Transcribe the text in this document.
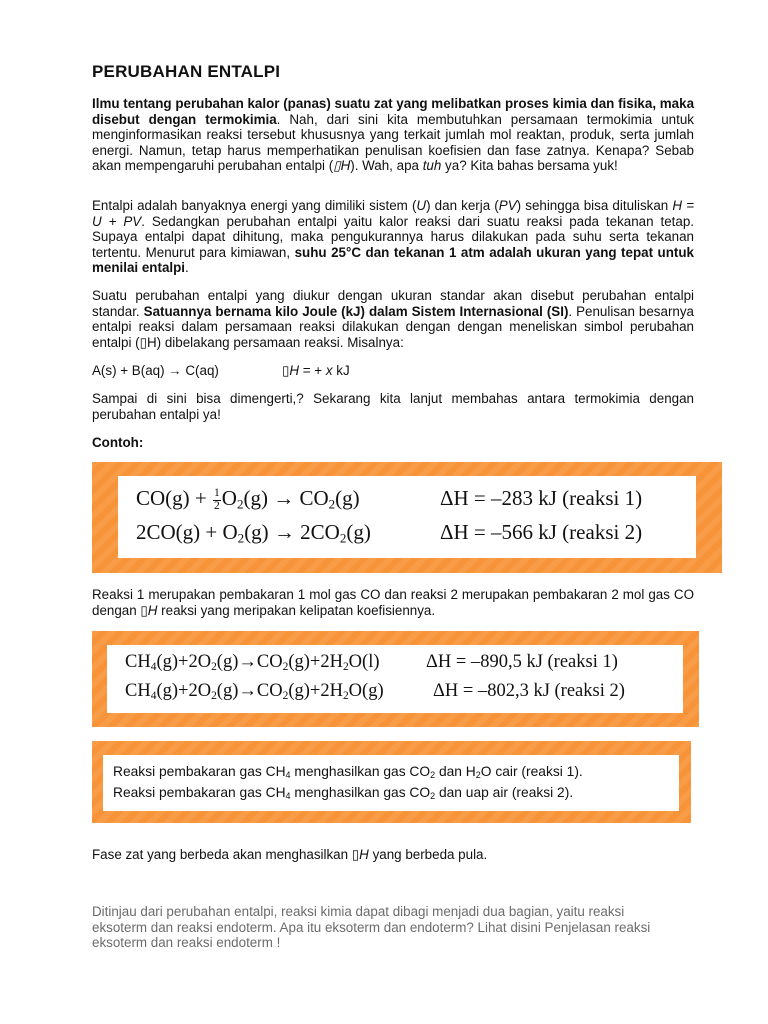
PERUBAHAN ENTALPI

Ilmu tentang perubahan kalor (panas) suatu zat yang melibatkan proses kimia dan fisika, maka disebut dengan termokimia. Nah, dari sini kita membutuhkan persamaan termokimia untuk menginformasikan reaksi tersebut khususnya yang terkait jumlah mol reaktan, produk, serta jumlah energi. Namun, tetap harus memperhatikan penulisan koefisien dan fase zatnya. Kenapa? Sebab akan mempengaruhi perubahan entalpi (▯H). Wah, apa tuh ya? Kita bahas bersama yuk!

Entalpi adalah banyaknya energi yang dimiliki sistem (U) dan kerja (PV) sehingga bisa dituliskan H = U + PV. Sedangkan perubahan entalpi yaitu kalor reaksi dari suatu reaksi pada tekanan tetap. Supaya entalpi dapat dihitung, maka pengukurannya harus dilakukan pada suhu serta tekanan tertentu. Menurut para kimiawan, suhu 25°C dan tekanan 1 atm adalah ukuran yang tepat untuk menilai entalpi.

Suatu perubahan entalpi yang diukur dengan ukuran standar akan disebut perubahan entalpi standar. Satuannya bernama kilo Joule (kJ) dalam Sistem Internasional (SI). Penulisan besarnya entalpi reaksi dalam persamaan reaksi dilakukan dengan dengan meneliskan simbol perubahan entalpi (▯H) dibelakang persamaan reaksi. Misalnya:

A(s) + B(aq) → C(aq)	▯H = + x kJ

Sampai di sini bisa dimengerti,? Sekarang kita lanjut membahas antara termokimia dengan perubahan entalpi ya!

Contoh:
$CO(g) + \frac{1}{2} O_2(g) \to CO_2(g)$	ΔH = –283 kJ (reaksi 1)
$2CO(g) + O_2(g) \to 2CO_2(g)$	ΔH = –566 kJ (reaksi 2)

Reaksi 1 merupakan pembakaran 1 mol gas CO dan reaksi 2 merupakan pembakaran 2 mol gas CO dengan ▯H reaksi yang meripakan kelipatan koefisiennya.

$CH_4(g)+2O_2(g)\to CO_2(g)+2H_2O(l)$	ΔH = –890,5 kJ (reaksi 1)
$CH_4(g)+2O_2(g)\to CO_2(g)+2H_2O(g)$	ΔH = –802,3 kJ (reaksi 2)
Reaksi pembakaran gas $CH_4$ menghasilkan gas $CO_2$ dan $H_2O$ cair (reaksi 1).
Reaksi pembakaran gas $CH_4$ menghasilkan gas $CO_2$ dan uap air (reaksi 2).

Fase zat yang berbeda akan menghasilkan ▯H yang berbeda pula.

Ditinjau dari perubahan entalpi, reaksi kimia dapat dibagi menjadi dua bagian, yaitu reaksi eksoterm dan reaksi endoterm. Apa itu eksoterm dan endoterm? Lihat disini Penjelasan reaksi eksoterm dan reaksi endoterm !
